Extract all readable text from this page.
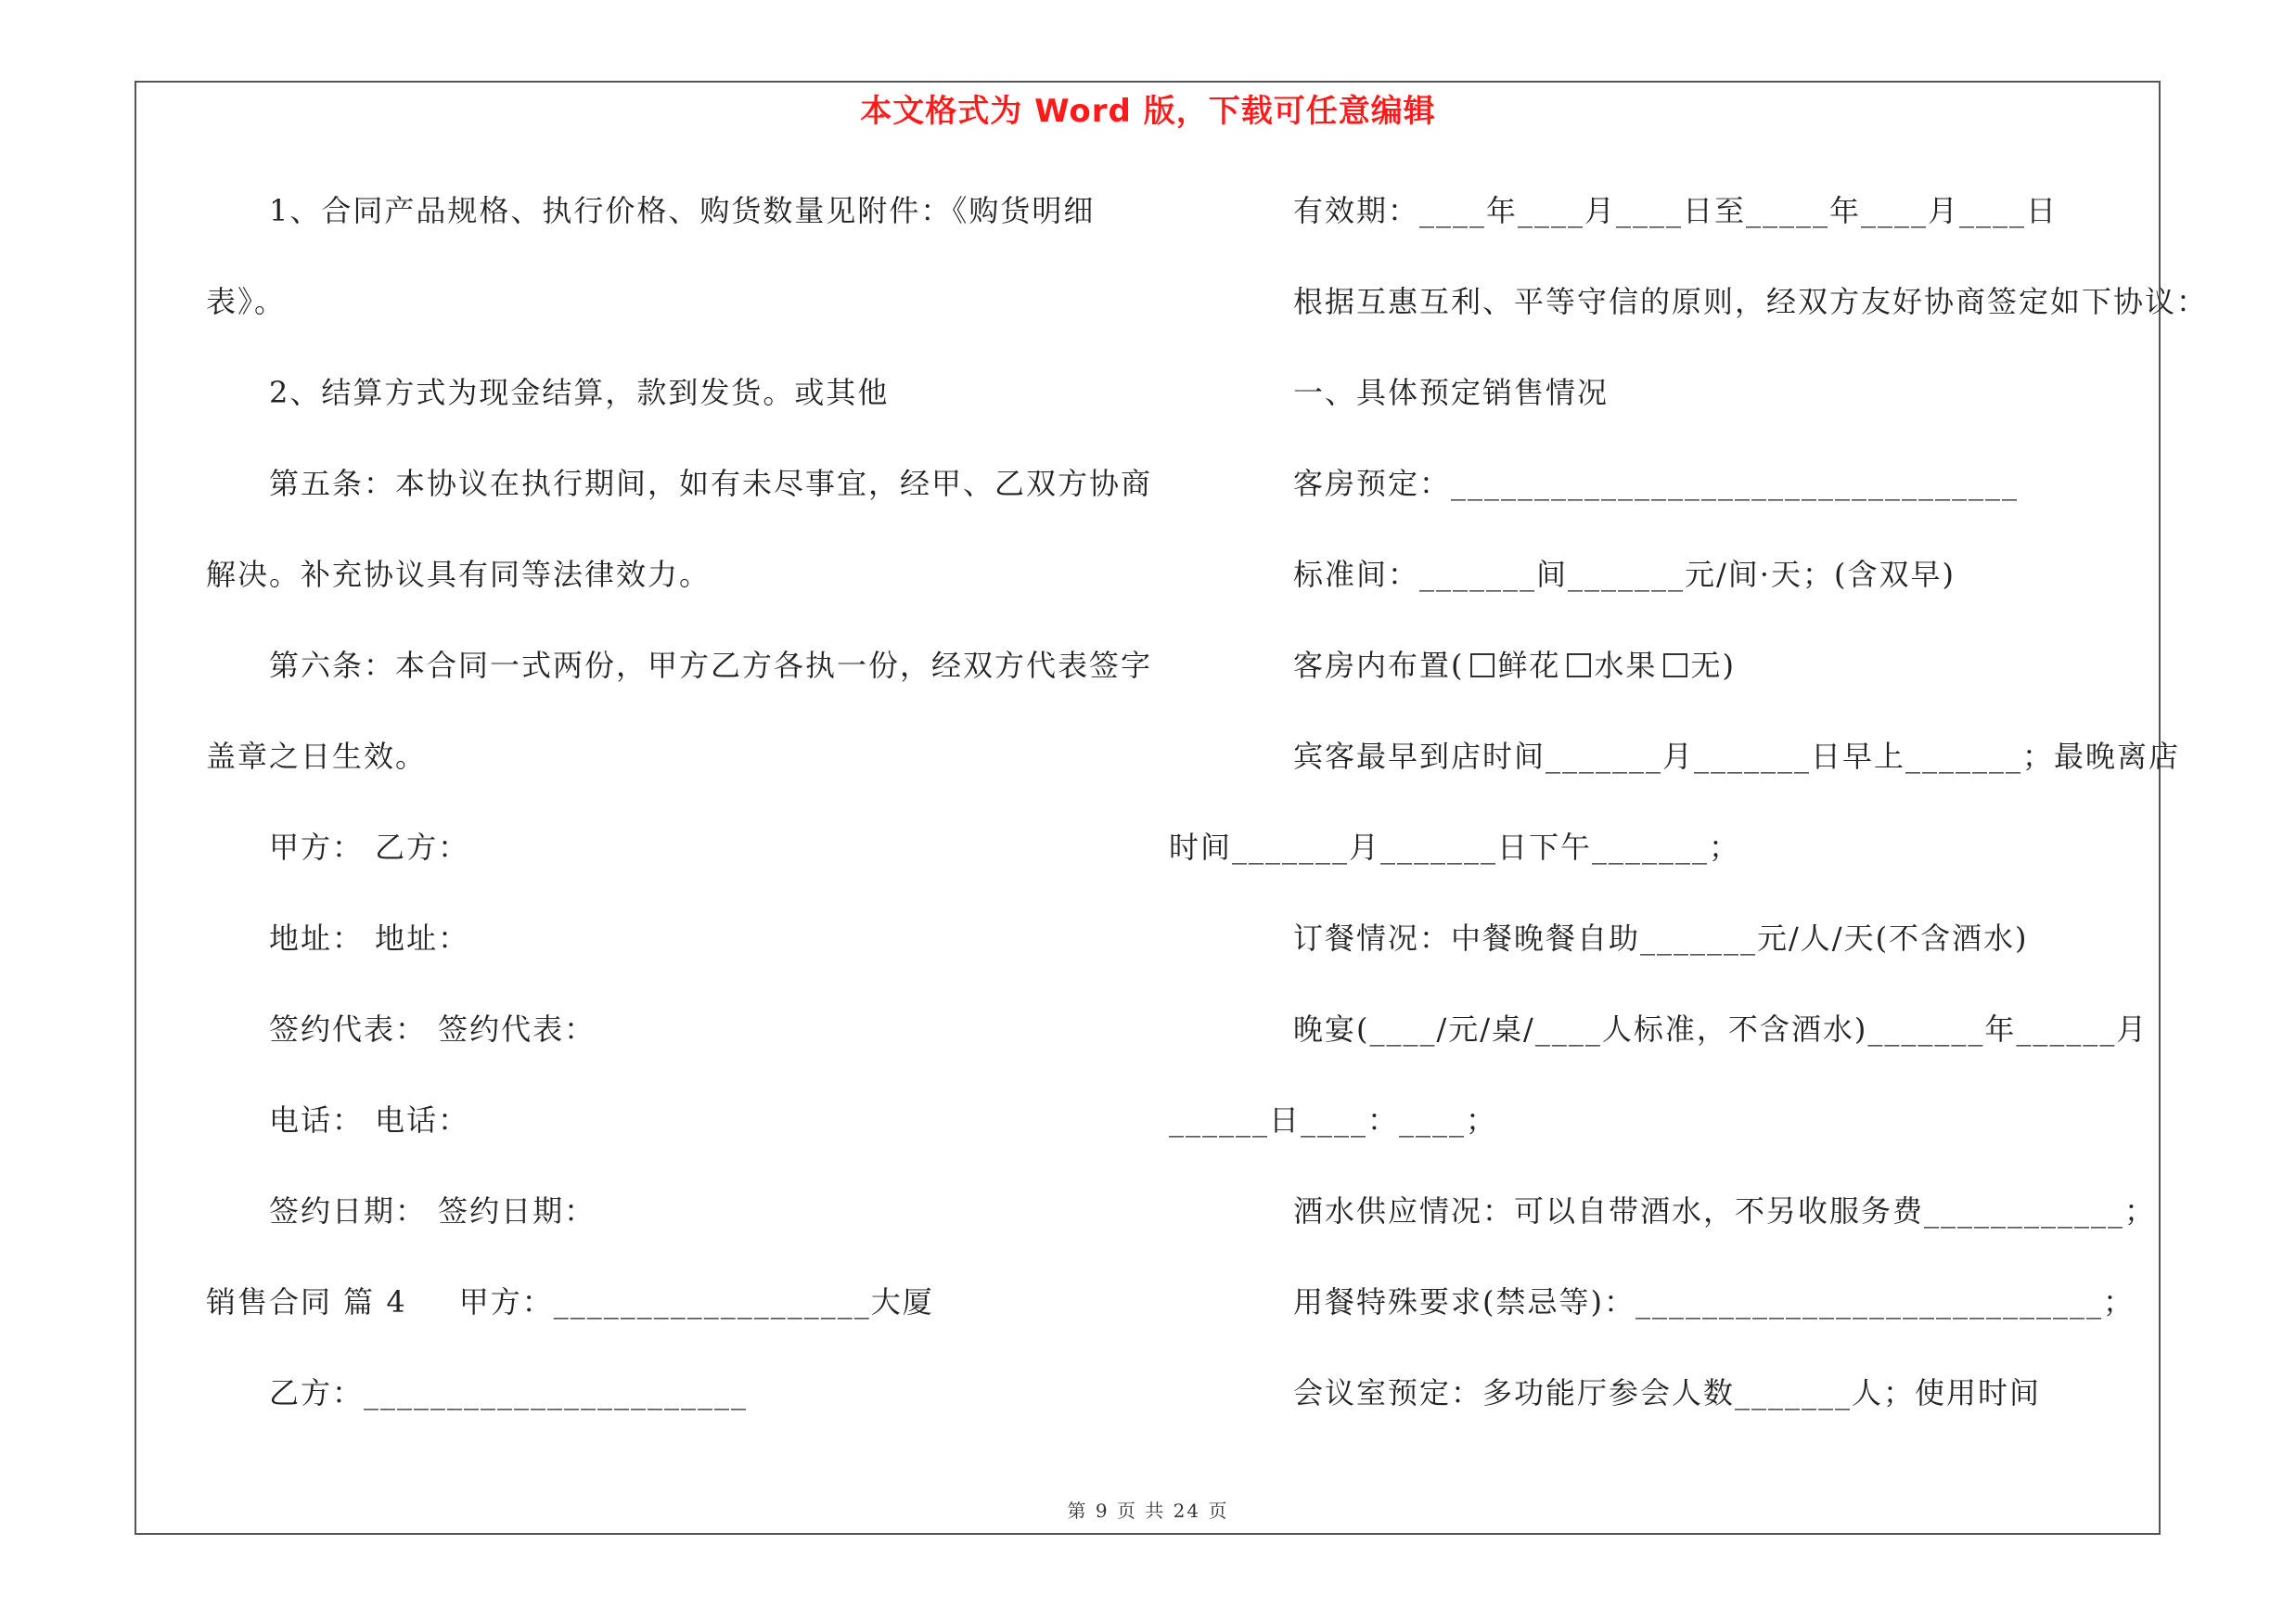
本文格式为 Word 版，下载可任意编辑
1、合同产品规格、执行价格、购货数量见附件：《购货明细
表》。
2、结算方式为现金结算，款到发货。或其他
第五条：本协议在执行期间，如有未尽事宜，经甲、乙双方协商
解决。补充协议具有同等法律效力。
第六条：本合同一式两份，甲方乙方各执一份，经双方代表签字
盖章之日生效。
甲方： 乙方：
地址： 地址：
签约代表： 签约代表：
电话： 电话：
签约日期： 签约日期：
销售合同 篇 4 甲方：___________________大厦
乙方：_______________________
有效期：____年____月____日至_____年____月____日
根据互惠互利、平等守信的原则，经双方友好协商签定如下协议：
一、具体预定销售情况
客房预定：__________________________________
标准间：_______间_______元/间·天；(含双早)
客房内布置( 鲜花 水果 无)
宾客最早到店时间_______月_______日早上_______；最晚离店
时间_______月_______日下午_______；
订餐情况：中餐晚餐自助_______元/人/天(不含酒水)
晚宴(____/元/桌/____人标准，不含酒水)_______年______月
______日____：____；
酒水供应情况：可以自带酒水，不另收服务费____________；
用餐特殊要求(禁忌等)：____________________________；
会议室预定：多功能厅参会人数_______人；使用时间
第 9 页 共 24 页
